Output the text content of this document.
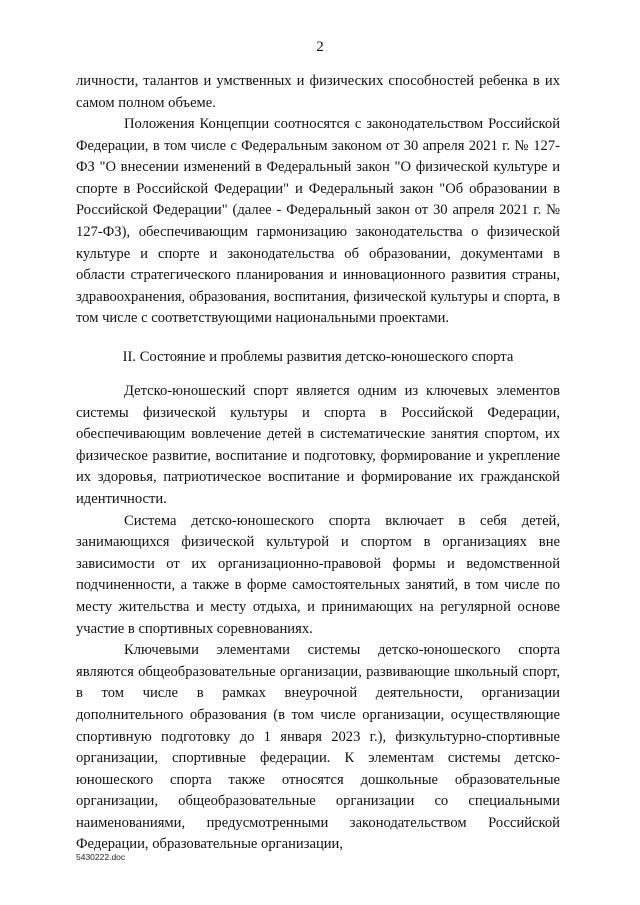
2

личности, талантов и умственных и физических способностей ребенка в их самом полном объеме.

Положения Концепции соотносятся с законодательством Российской Федерации, в том числе с Федеральным законом от 30 апреля 2021 г. № 127-ФЗ "О внесении изменений в Федеральный закон "О физической культуре и спорте в Российской Федерации" и Федеральный закон "Об образовании в Российской Федерации" (далее - Федеральный закон от 30 апреля 2021 г. № 127-ФЗ), обеспечивающим гармонизацию законодательства о физической культуре и спорте и законодательства об образовании, документами в области стратегического планирования и инновационного развития страны, здравоохранения, образования, воспитания, физической культуры и спорта, в том числе с соответствующими национальными проектами.

II. Состояние и проблемы развития детско-юношеского спорта

Детско-юношеский спорт является одним из ключевых элементов системы физической культуры и спорта в Российской Федерации, обеспечивающим вовлечение детей в систематические занятия спортом, их физическое развитие, воспитание и подготовку, формирование и укрепление их здоровья, патриотическое воспитание и формирование их гражданской идентичности.

Система детско-юношеского спорта включает в себя детей, занимающихся физической культурой и спортом в организациях вне зависимости от их организационно-правовой формы и ведомственной подчиненности, а также в форме самостоятельных занятий, в том числе по месту жительства и месту отдыха, и принимающих на регулярной основе участие в спортивных соревнованиях.

Ключевыми элементами системы детско-юношеского спорта являются общеобразовательные организации, развивающие школьный спорт, в том числе в рамках внеурочной деятельности, организации дополнительного образования (в том числе организации, осуществляющие спортивную подготовку до 1 января 2023 г.), физкультурно-спортивные организации, спортивные федерации. К элементам системы детско-юношеского спорта также относятся дошкольные образовательные организации, общеобразовательные организации со специальными наименованиями, предусмотренными законодательством Российской Федерации, образовательные организации,

5430222.doc
